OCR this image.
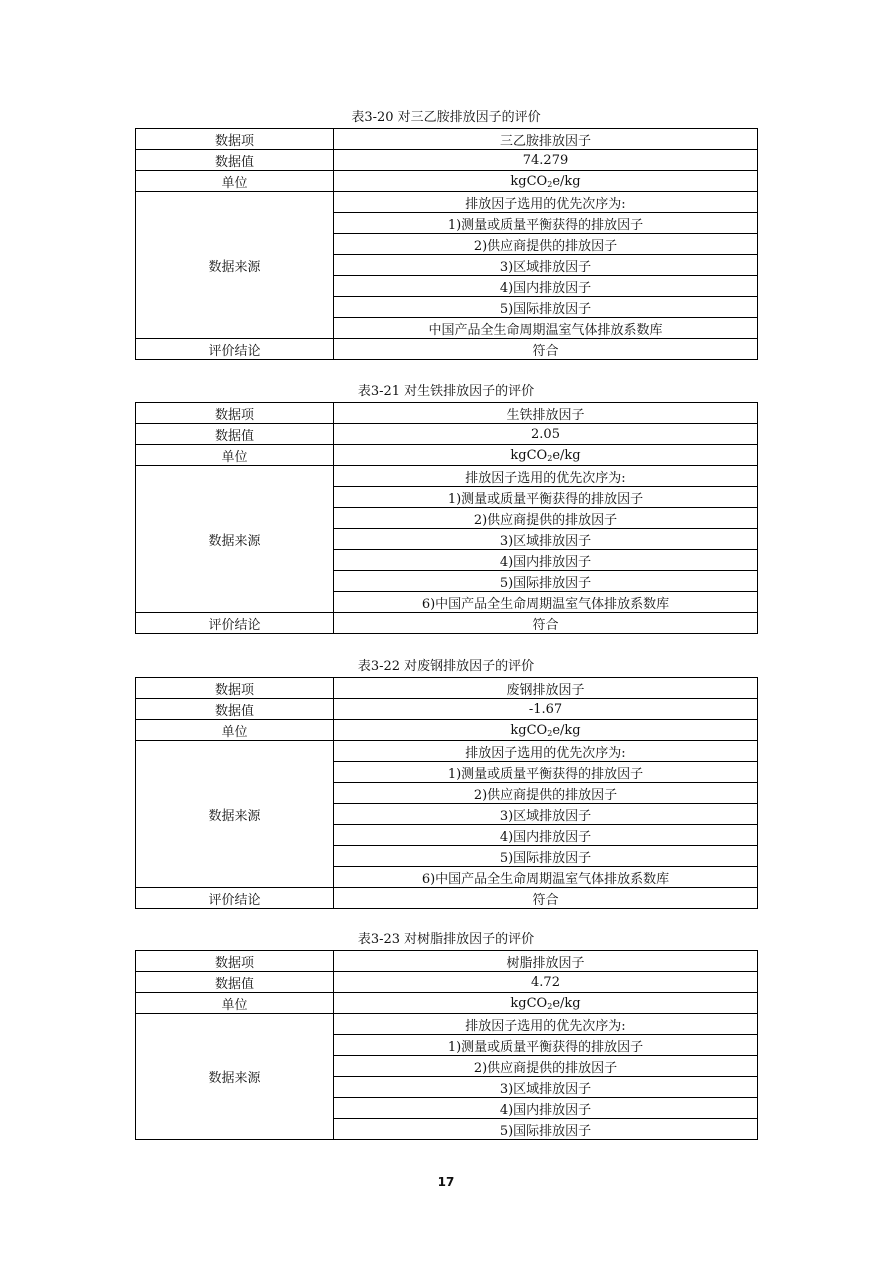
表3-20 对三乙胺排放因子的评价
数据项	三乙胺排放因子
数据值	74.279
单位	kgCO$_2$e/kg
数据来源	排放因子选用的优先次序为:
	1)测量或质量平衡获得的排放因子
	2)供应商提供的排放因子
	3)区域排放因子
	4)国内排放因子
	5)国际排放因子
	中国产品全生命周期温室气体排放系数库
评价结论	符合
表3-21 对生铁排放因子的评价
数据项	生铁排放因子
数据值	2.05
单位	kgCO$_2$e/kg
数据来源	排放因子选用的优先次序为:
	1)测量或质量平衡获得的排放因子
	2)供应商提供的排放因子
	3)区域排放因子
	4)国内排放因子
	5)国际排放因子
	6)中国产品全生命周期温室气体排放系数库
评价结论	符合
表3-22 对废钢排放因子的评价
数据项	废钢排放因子
数据值	-1.67
单位	kgCO$_2$e/kg
数据来源	排放因子选用的优先次序为:
	1)测量或质量平衡获得的排放因子
	2)供应商提供的排放因子
	3)区域排放因子
	4)国内排放因子
	5)国际排放因子
	6)中国产品全生命周期温室气体排放系数库
评价结论	符合
表3-23 对树脂排放因子的评价
数据项	树脂排放因子
数据值	4.72
单位	kgCO$_2$e/kg
数据来源	排放因子选用的优先次序为:
	1)测量或质量平衡获得的排放因子
	2)供应商提供的排放因子
	3)区域排放因子
	4)国内排放因子
	5)国际排放因子
17
